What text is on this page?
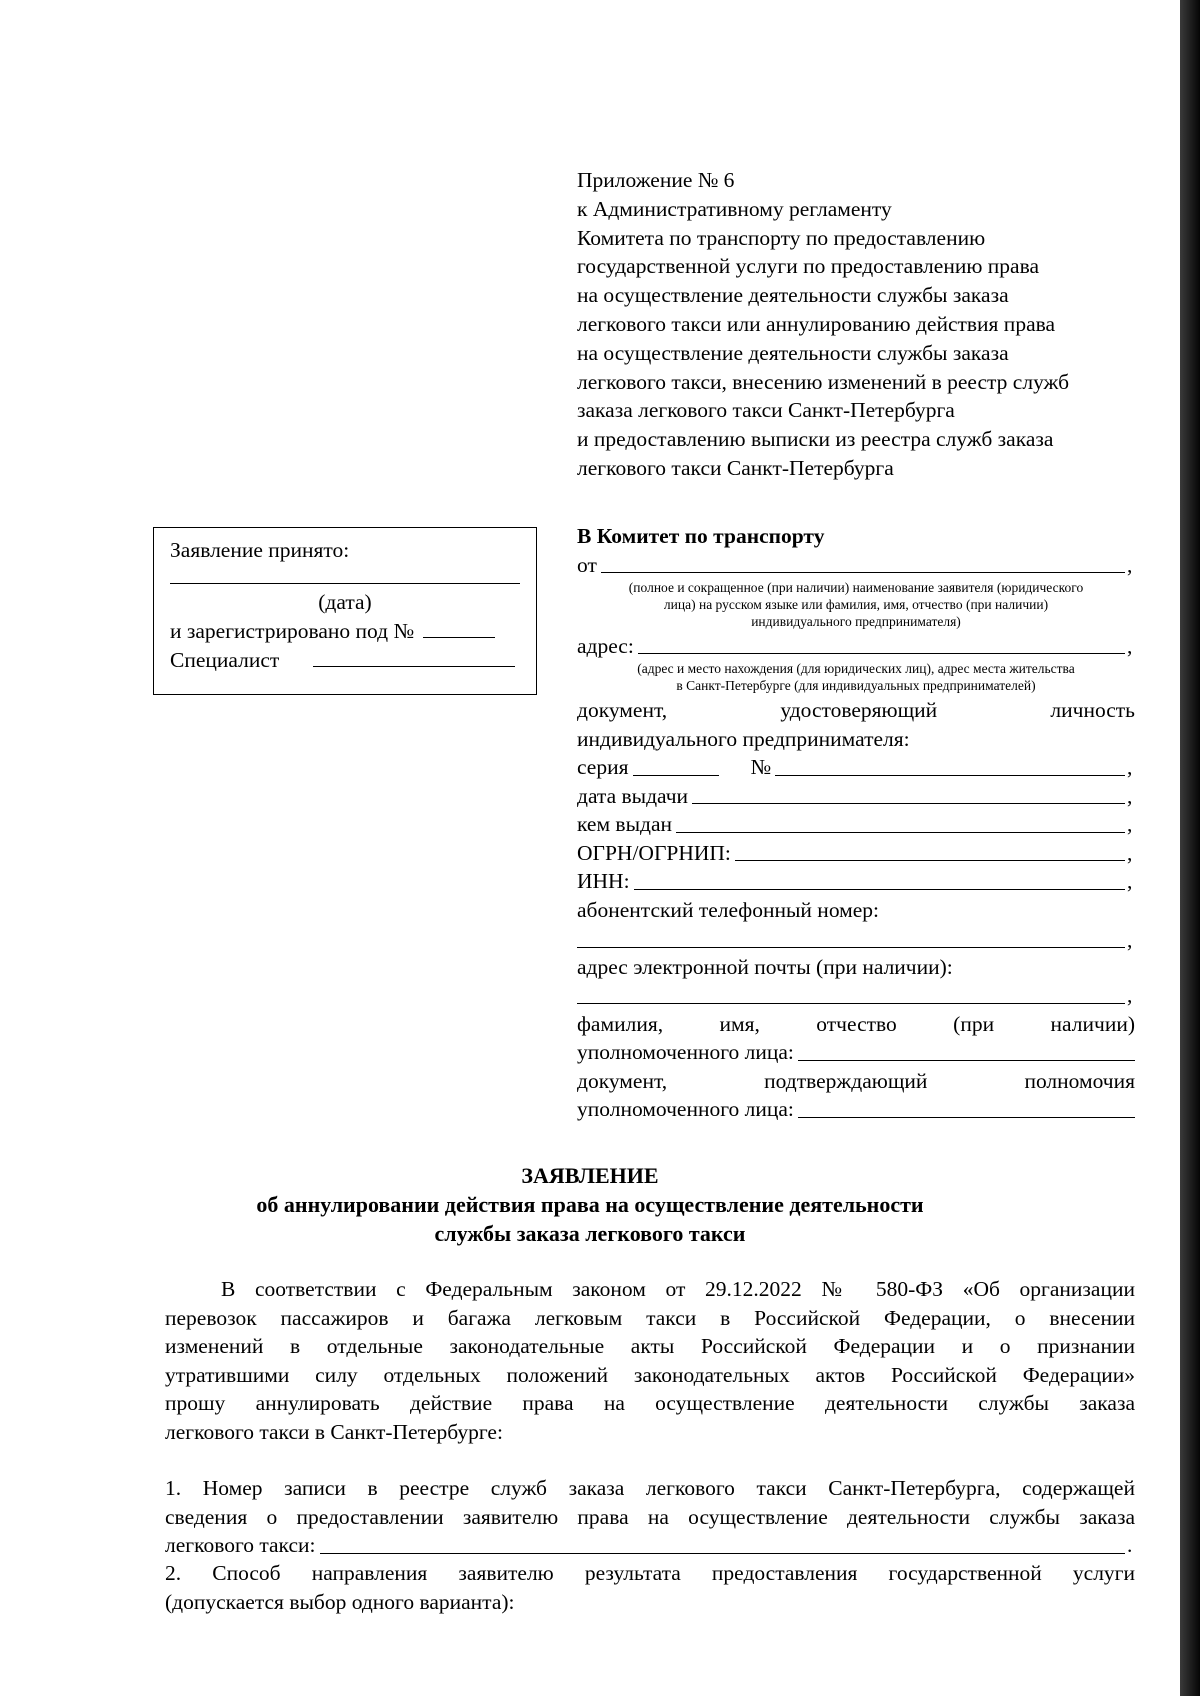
Приложение № 6
к Административному регламенту
Комитета по транспорту по предоставлению
государственной услуги по предоставлению права
на осуществление деятельности службы заказа
легкового такси или аннулированию действия права
на осуществление деятельности службы заказа
легкового такси, внесению изменений в реестр служб
заказа легкового такси Санкт-Петербурга
и предоставлению выписки из реестра служб заказа
легкового такси Санкт-Петербурга
Заявление принято:
(дата)
и зарегистрировано под №
Специалист
В Комитет по транспорту
от	,
(полное и сокращенное (при наличии) наименование заявителя (юридического
лица) на русском языке или фамилия, имя, отчество (при наличии)
индивидуального предпринимателя)
адрес:	,
(адрес и место нахождения (для юридических лиц), адрес места жительства
в Санкт-Петербурге (для индивидуальных предпринимателей)
документ, удостоверяющий личность
индивидуального предпринимателя:
серия	№	,
дата выдачи	,
кем выдан	,
ОГРН/ОГРНИП:	,
ИНН:	,
абонентский телефонный номер:
,
адрес электронной почты (при наличии):
,
фамилия, имя, отчество (при наличии)
уполномоченного лица:
документ, подтверждающий полномочия
уполномоченного лица:
ЗАЯВЛЕНИЕ
об аннулировании действия права на осуществление деятельности
службы заказа легкового такси
В соответствии с Федеральным законом от 29.12.2022 № 580-ФЗ «Об организации
перевозок пассажиров и багажа легковым такси в Российской Федерации, о внесении
изменений в отдельные законодательные акты Российской Федерации и о признании
утратившими силу отдельных положений законодательных актов Российской Федерации»
прошу аннулировать действие права на осуществление деятельности службы заказа
легкового такси в Санкт-Петербурге:
1. Номер записи в реестре служб заказа легкового такси Санкт-Петербурга, содержащей
сведения о предоставлении заявителю права на осуществление деятельности службы заказа
легкового такси:	.
2. Способ направления заявителю результата предоставления государственной услуги
(допускается выбор одного варианта):
